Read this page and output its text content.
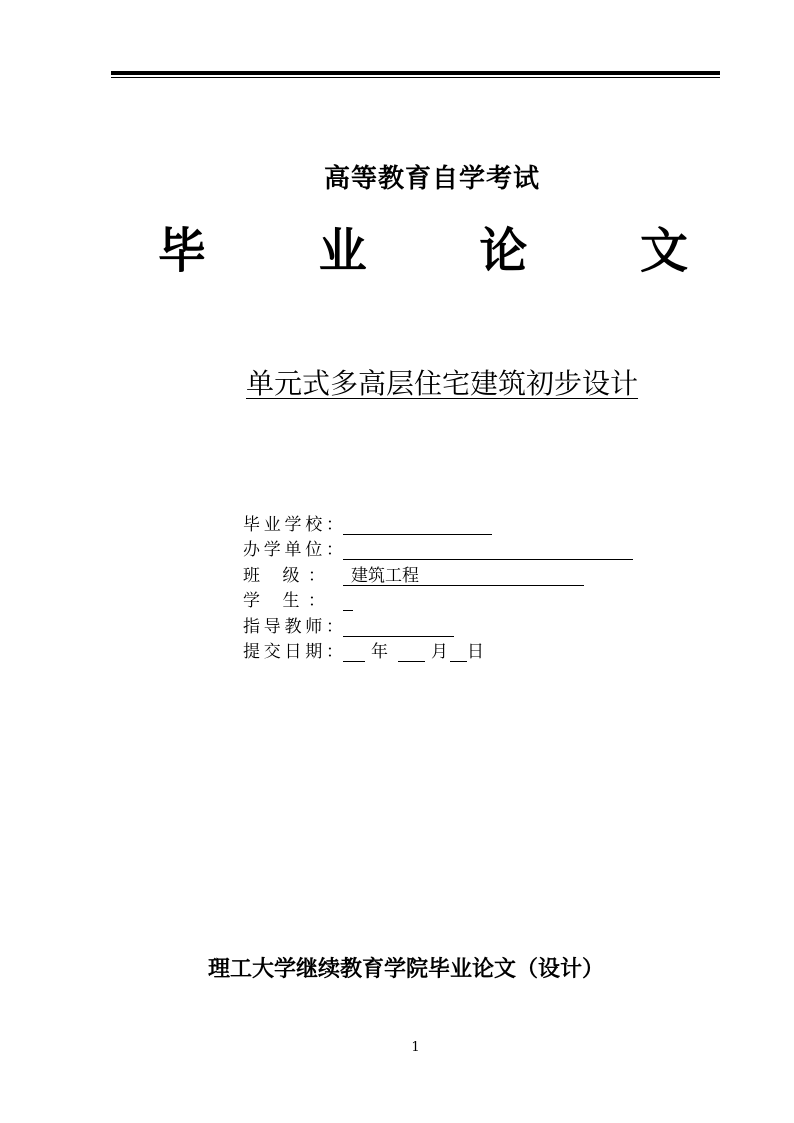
高等教育自学考试
毕 业 论 文
单元式多高层住宅建筑初步设计
毕业学校：
办学单位：
班 级：	建筑工程
学 生：
指导教师：
提交日期： 年	月 日
理工大学继续教育学院毕业论文（设计）
1
